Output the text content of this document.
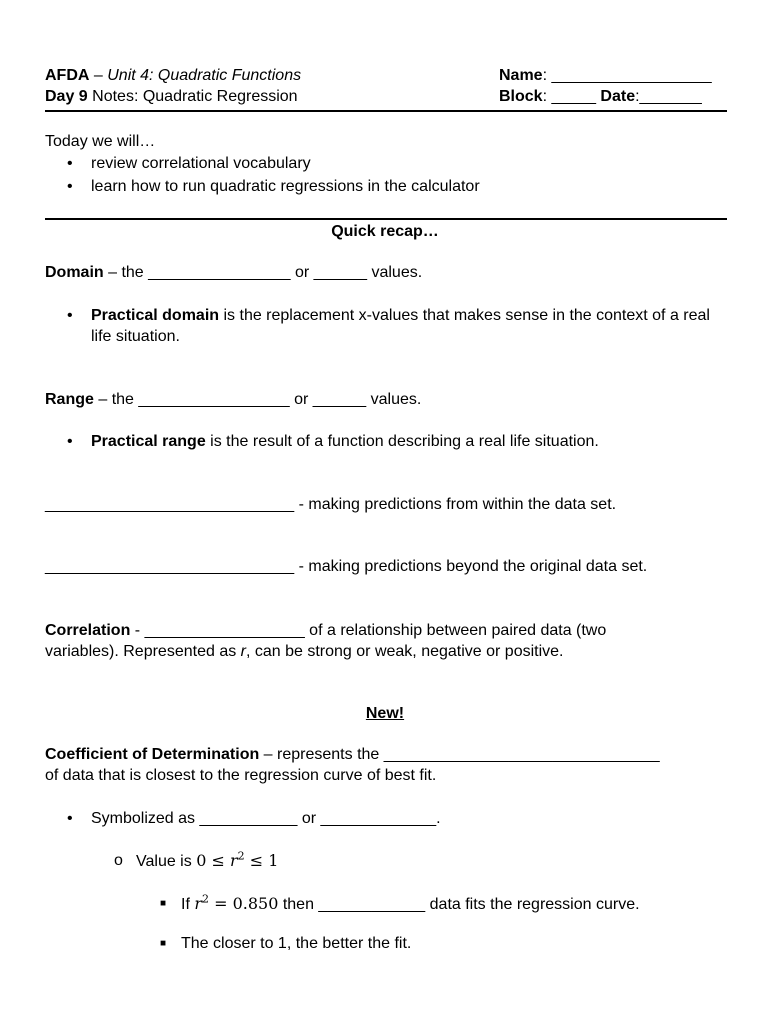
AFDA – Unit 4: Quadratic Functions
Day 9 Notes: Quadratic Regression
Name: __________________
Block: _____ Date:_______
Today we will…
• review correlational vocabulary
• learn how to run quadratic regressions in the calculator
Quick recap…
Domain – the ________________ or ______ values.
• Practical domain is the replacement x-values that makes sense in the context of a real life situation.
Range – the _________________ or ______ values.
• Practical range is the result of a function describing a real life situation.
____________________________ - making predictions from within the data set.
____________________________ - making predictions beyond the original data set.
Correlation - __________________ of a relationship between paired data (two
variables). Represented as r, can be strong or weak, negative or positive.
New!
Coefficient of Determination – represents the _______________________________
of data that is closest to the regression curve of best fit.
• Symbolized as ___________ or _____________.
o Value is $0 \le r^2 \le 1$
■ If $r^2 = 0.850$ then ____________ data fits the regression curve.
■ The closer to 1, the better the fit.
